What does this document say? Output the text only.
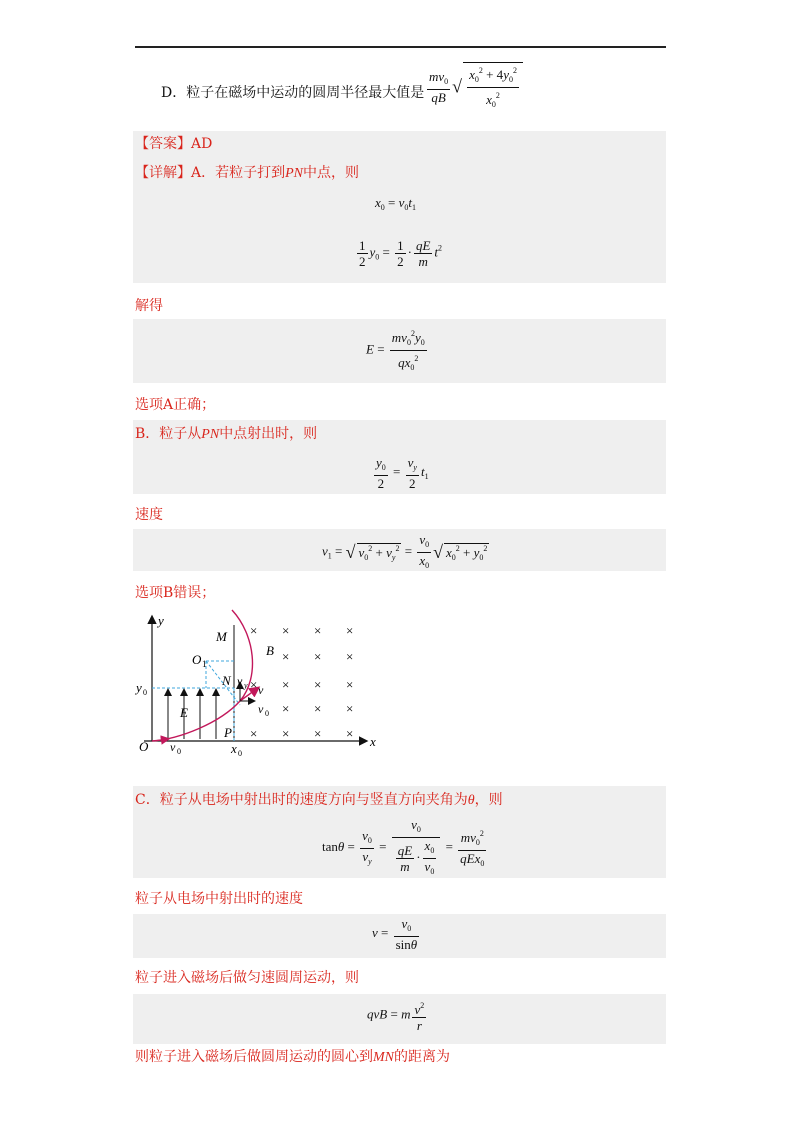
D．粒子在磁场中运动的圆周半径最大值是 $\frac{mv_0}{qB}$ √ $\frac{x_0^2 + 4y_0^2}{x_0^2}$
【答案】AD
【详解】A．若粒子打到PN中点，则
$x_0 = v_0t_1$
$\frac{1}{2} y_0 = \frac{1}{2} \cdot \frac{qE}{m} t^2$
解得
$E = \frac{mv_0^2y_0}{qx_0^2}$
选项A正确；
B．粒子从PN中点射出时，则
$\frac{y_0}{2} = \frac{v_y}{2} t_1$
速度
$v_1$ = √ $v_0^2 + v_y^2 = \frac{v_0}{x_0}$ √ $x_0^2 + y_0^2$
选项B错误；
y
x
O
M
O 1
B
N v y v
v 0
y 0
E
P
x 0
v 0
× × × ×
× × ×
× × × ×
× × ×
× × × ×
C．粒子从电场中射出时的速度方向与竖直方向夹角为θ，则
$\tan\theta = \frac{v_0}{v_y} = \frac{v_0}{\frac{qE}{m} \cdot \frac{x_0}{v_0}} = \frac{mv_0^2}{qEx_0}$
粒子从电场中射出时的速度
$v = \frac{v_0}{\sin\theta}$
粒子进入磁场后做匀速圆周运动，则
qvB = m $\frac{v^2}{r}$
则粒子进入磁场后做圆周运动的圆心到MN的距离为
